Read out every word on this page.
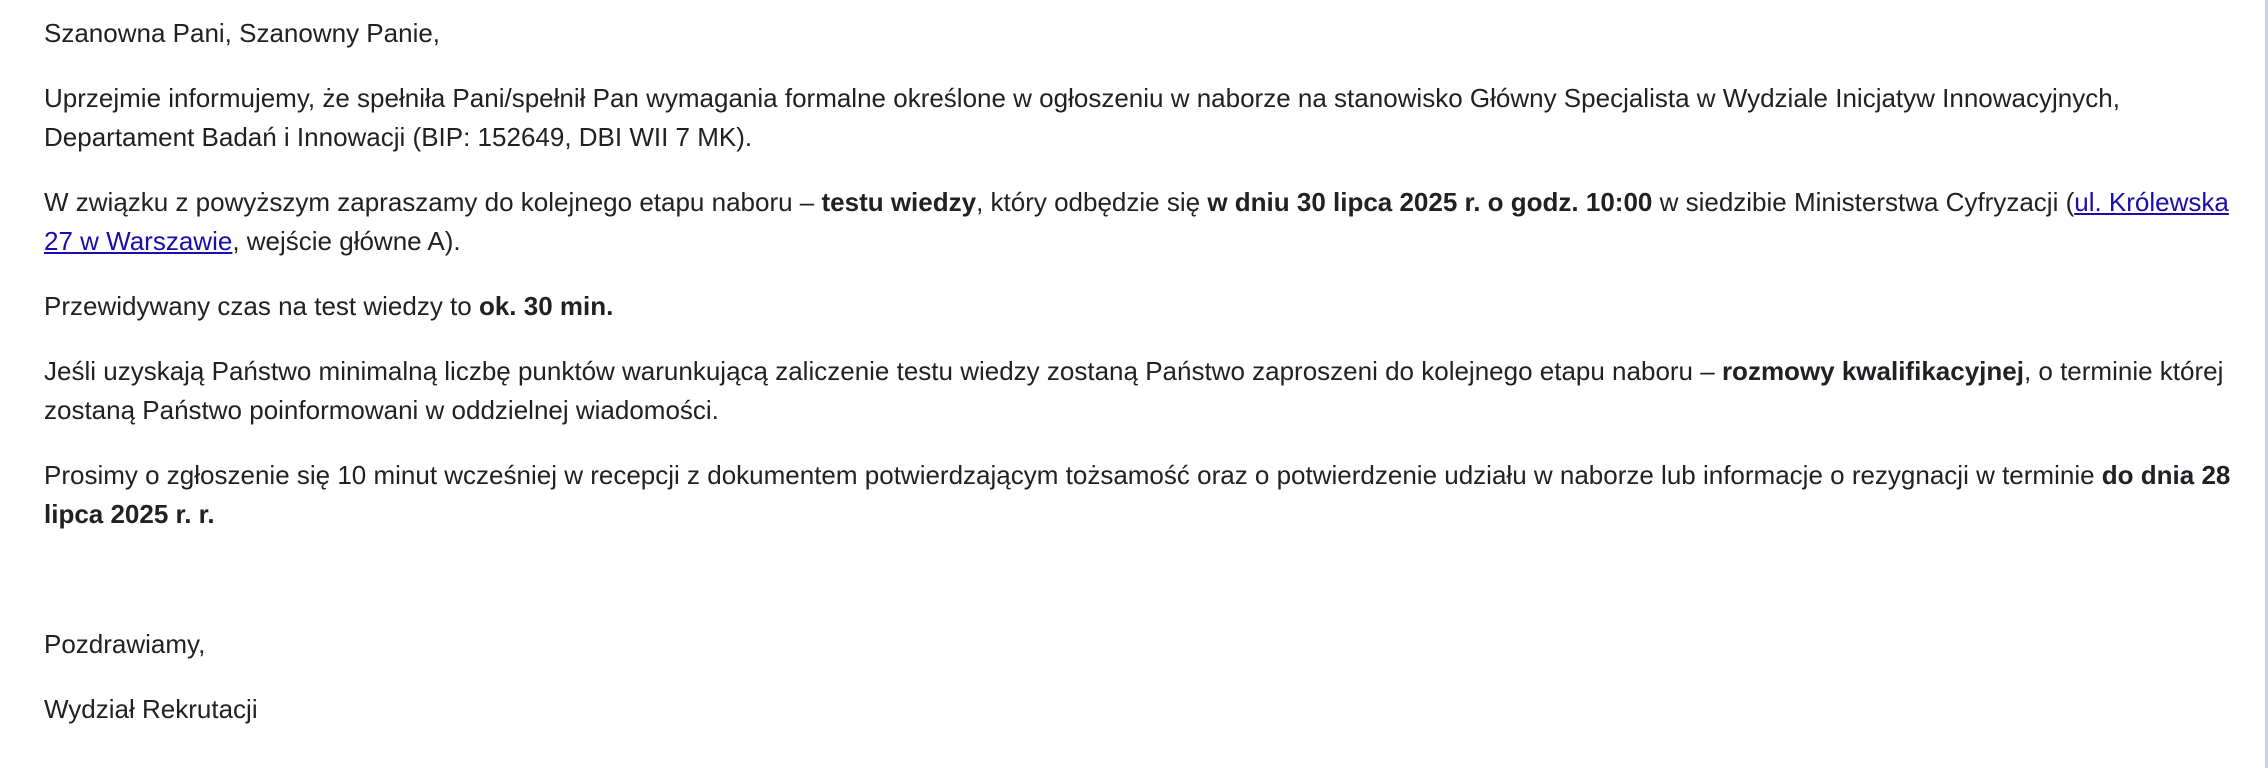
Szanowna Pani, Szanowny Panie,

Uprzejmie informujemy, że spełniła Pani/spełnił Pan wymagania formalne określone w ogłoszeniu w naborze na stanowisko Główny Specjalista w Wydziale Inicjatyw Innowacyjnych, Departament Badań i Innowacji (BIP: 152649, DBI WII 7 MK).

W związku z powyższym zapraszamy do kolejnego etapu naboru – testu wiedzy, który odbędzie się w dniu 30 lipca 2025 r. o godz. 10:00 w siedzibie Ministerstwa Cyfryzacji (ul. Królewska 27 w Warszawie, wejście główne A).

Przewidywany czas na test wiedzy to ok. 30 min.

Jeśli uzyskają Państwo minimalną liczbę punktów warunkującą zaliczenie testu wiedzy zostaną Państwo zaproszeni do kolejnego etapu naboru – rozmowy kwalifikacyjnej, o terminie której zostaną Państwo poinformowani w oddzielnej wiadomości.

Prosimy o zgłoszenie się 10 minut wcześniej w recepcji z dokumentem potwierdzającym tożsamość oraz o potwierdzenie udziału w naborze lub informacje o rezygnacji w terminie do dnia 28 lipca 2025 r. r.

Pozdrawiamy,

Wydział Rekrutacji
